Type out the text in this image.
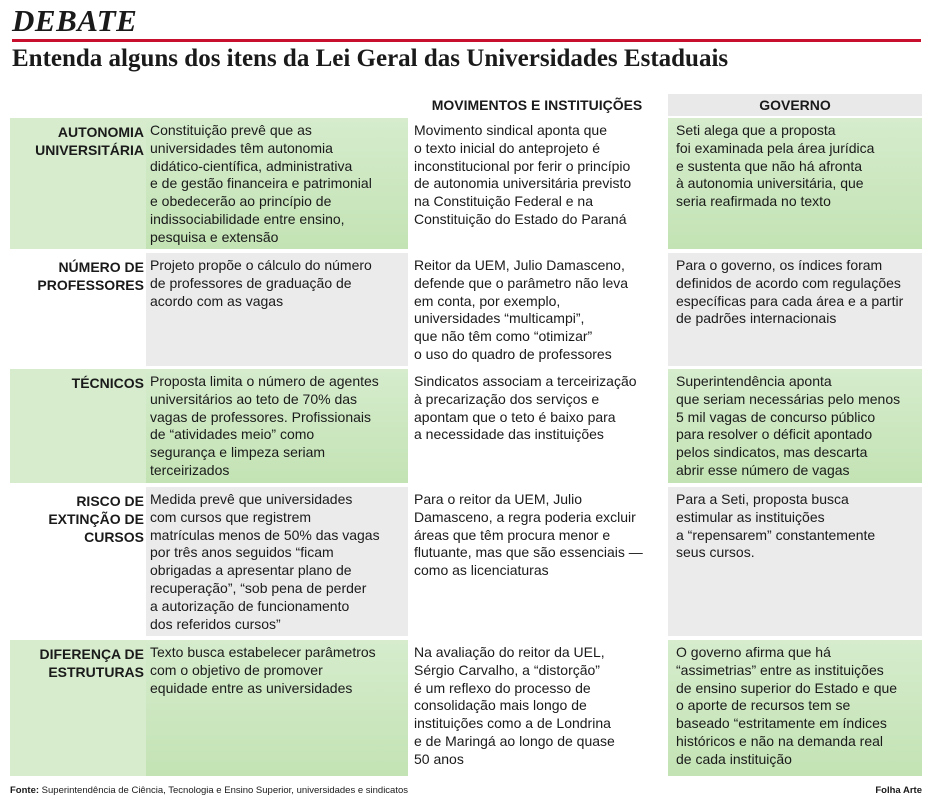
DEBATE
Entenda alguns dos itens da Lei Geral das Universidades Estaduais
MOVIMENTOS E INSTITUIÇÕES	GOVERNO
AUTONOMIA UNIVERSITÁRIA
Constituição prevê que as
universidades têm autonomia
didático-científica, administrativa
e de gestão financeira e patrimonial
e obedecerão ao princípio de
indissociabilidade entre ensino,
pesquisa e extensão
Movimento sindical aponta que
o texto inicial do anteprojeto é
inconstitucional por ferir o princípio
de autonomia universitária previsto
na Constituição Federal e na
Constituição do Estado do Paraná
Seti alega que a proposta
foi examinada pela área jurídica
e sustenta que não há afronta
à autonomia universitária, que
seria reafirmada no texto
NÚMERO DE PROFESSORES
Projeto propõe o cálculo do número
de professores de graduação de
acordo com as vagas
Reitor da UEM, Julio Damasceno,
defende que o parâmetro não leva
em conta, por exemplo,
universidades “multicampi”,
que não têm como “otimizar”
o uso do quadro de professores
Para o governo, os índices foram
definidos de acordo com regulações
específicas para cada área e a partir
de padrões internacionais
TÉCNICOS Proposta limita o número de agentes
universitários ao teto de 70% das
vagas de professores. Profissionais
de “atividades meio” como
segurança e limpeza seriam
terceirizados
Sindicatos associam a terceirização
à precarização dos serviços e
apontam que o teto é baixo para
a necessidade das instituições
Superintendência aponta
que seriam necessárias pelo menos
5 mil vagas de concurso público
para resolver o déficit apontado
pelos sindicatos, mas descarta
abrir esse número de vagas
RISCO DE EXTINÇÃO DE CURSOS
Medida prevê que universidades
com cursos que registrem
matrículas menos de 50% das vagas
por três anos seguidos “ficam
obrigadas a apresentar plano de
recuperação”, “sob pena de perder
a autorização de funcionamento
dos referidos cursos”
Para o reitor da UEM, Julio
Damasceno, a regra poderia excluir
áreas que têm procura menor e
flutuante, mas que são essenciais —
como as licenciaturas
Para a Seti, proposta busca
estimular as instituições
a “repensarem” constantemente
seus cursos.
DIFERENÇA DE ESTRUTURAS
Texto busca estabelecer parâmetros
com o objetivo de promover
equidade entre as universidades
Na avaliação do reitor da UEL,
Sérgio Carvalho, a “distorção”
é um reflexo do processo de
consolidação mais longo de
instituições como a de Londrina
e de Maringá ao longo de quase
50 anos
O governo afirma que há
“assimetrias” entre as instituições
de ensino superior do Estado e que
o aporte de recursos tem se
baseado “estritamente em índices
históricos e não na demanda real
de cada instituição
Fonte: Superintendência de Ciência, Tecnologia e Ensino Superior, universidades e sindicatos	Folha Arte
